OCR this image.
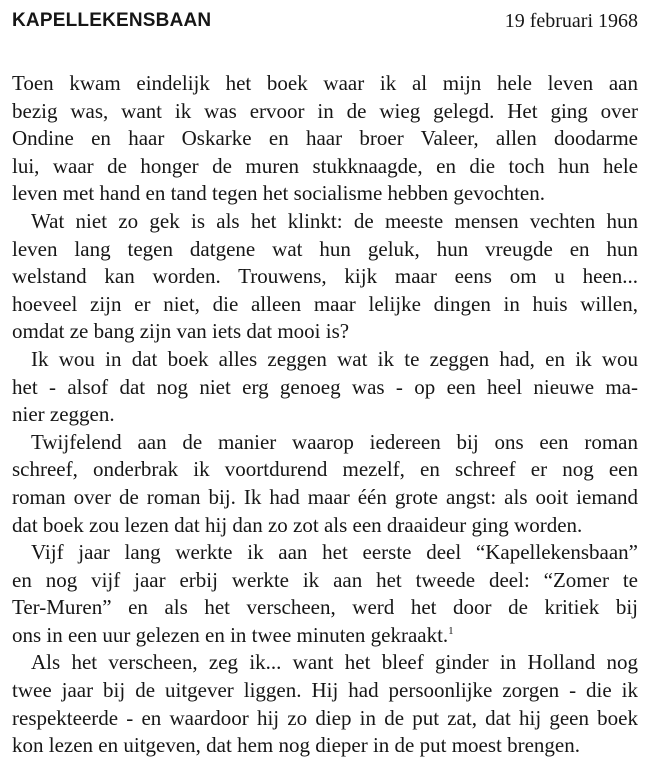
KAPELLEKENSBAAN	19 februari 1968

Toen kwam eindelijk het boek waar ik al mijn hele leven aan
bezig was, want ik was ervoor in de wieg gelegd. Het ging over
Ondine en haar Oskarke en haar broer Valeer, allen doodarme
lui, waar de honger de muren stukknaagde, en die toch hun hele
leven met hand en tand tegen het socialisme hebben gevochten.

Wat niet zo gek is als het klinkt: de meeste mensen vechten hun
leven lang tegen datgene wat hun geluk, hun vreugde en hun
welstand kan worden. Trouwens, kijk maar eens om u heen...
hoeveel zijn er niet, die alleen maar lelijke dingen in huis willen,
omdat ze bang zijn van iets dat mooi is?

Ik wou in dat boek alles zeggen wat ik te zeggen had, en ik wou
het - alsof dat nog niet erg genoeg was - op een heel nieuwe ma-
nier zeggen.

Twijfelend aan de manier waarop iedereen bij ons een roman
schreef, onderbrak ik voortdurend mezelf, en schreef er nog een
roman over de roman bij. Ik had maar één grote angst: als ooit iemand
dat boek zou lezen dat hij dan zo zot als een draaideur ging worden.

Vijf jaar lang werkte ik aan het eerste deel “Kapellekensbaan”
en nog vijf jaar erbij werkte ik aan het tweede deel: “Zomer te
Ter-Muren” en als het verscheen, werd het door de kritiek bij
ons in een uur gelezen en in twee minuten gekraakt.$^1$

Als het verscheen, zeg ik... want het bleef ginder in Holland nog
twee jaar bij de uitgever liggen. Hij had persoonlijke zorgen - die ik
respekteerde - en waardoor hij zo diep in de put zat, dat hij geen boek
kon lezen en uitgeven, dat hem nog dieper in de put moest brengen.
